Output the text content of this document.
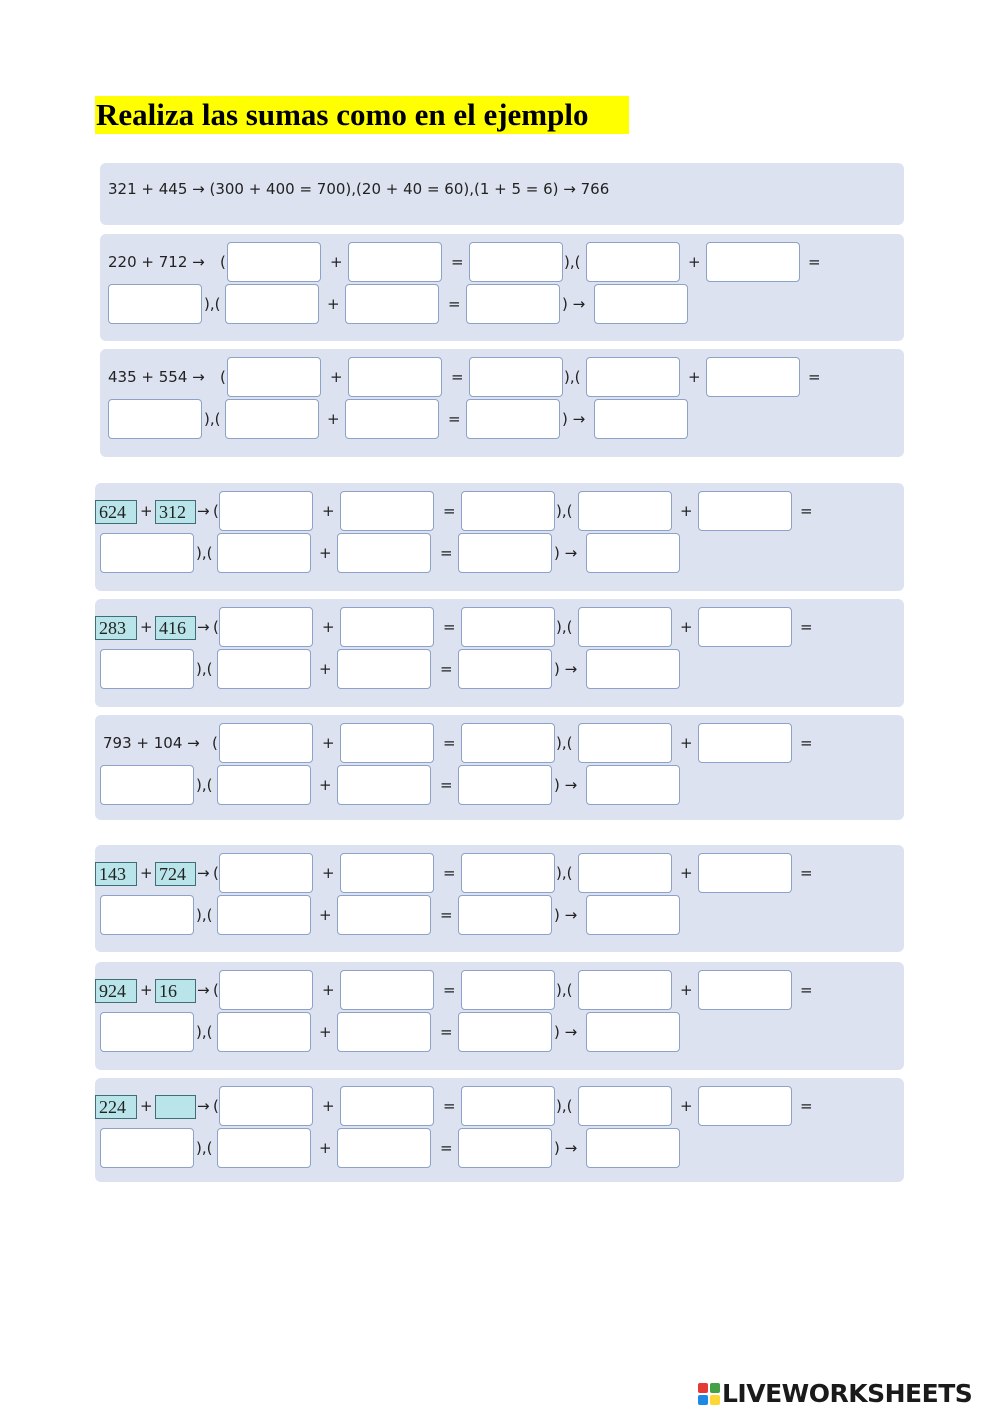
Realiza las sumas como en el ejemplo
321 + 445 → (300 + 400 = 700),(20 + 40 = 60),(1 + 5 = 6) → 766
220 + 712 → (	+	=	),(	+	=
),(	+	=	) →
435 + 554 → (	+	=	),(	+	=
),(	+	=	) →
624 + 312 → (	+	=	),(	+	=
),(	+	=	) →
283 + 416 → (	+	=	),(	+	=
),(	+	=	) →
793 + 104 → (	+	=	),(	+	=
),(	+	=	) →
143 + 724 → (	+	=	),(	+	=
),(	+	=	) →
924 + 16	→ (	+	=	),(	+	=
),(	+	=	) →
224 +	→ (	+	=	),(	+	=
),(	+	=	) →
LIVEWORKSHEETS
